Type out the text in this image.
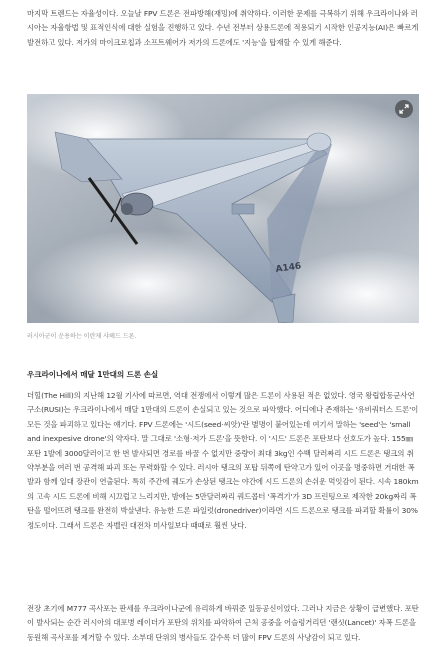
마지막 트렌드는 자율성이다. 오늘날 FPV 드론은 전파방해(재밍)에 취약하다. 이러한 문제를 극복하기 위해 우크라이나와 러시아는 자율항법 및 표적인식에 대한 실험을 진행하고 있다. 수년 전부터 상용드론에 적용되기 시작한 인공지능(AI)은 빠르게 발전하고 있다. 저가의 마이크로칩과 소프트웨어가 저가의 드론에도 '지능'을 탑재할 수 있게 해준다.

A146
러시아군이 운용하는 이란제 샤헤드 드론.
우크라이나에서 매달 1만대의 드론 손실

더힐(The Hill)의 지난해 12월 기사에 따르면, 역대 전쟁에서 이렇게 많은 드론이 사용된 적은 없었다. 영국 왕립합동군사연구소(RUSI)는 우크라이나에서 매달 1만대의 드론이 손실되고 있는 것으로 파악했다. 어디에나 존재하는 '유비쿼터스 드론'이 모든 것을 파괴하고 있다는 얘기다. FPV 드론에는 '시드(seed·씨앗)'란 별명이 붙어있는데 여기서 말하는 'seed'는 'small and inexpesive drone'의 약자다. 말 그대로 '소형·저가 드론'을 뜻한다. 이 '시드' 드론은 포탄보다 선호도가 높다. 155㎜ 포탄 1발에 3000달러이고 한 번 발사되면 경로를 바꿀 수 없지만 중량이 최대 3kg인 수백 달러짜리 시드 드론은 탱크의 취약부분을 여러 번 공격해 파괴 또는 무력화할 수 있다. 러시아 탱크의 포탑 뒤쪽에 탄약고가 있어 이곳을 명중하면 거대한 폭발과 함께 일대 장관이 연출된다. 특히 주간에 궤도가 손상된 탱크는 야간에 시드 드론의 손쉬운 먹잇감이 된다. 시속 180km의 고속 시드 드론에 비해 시끄럽고 느리지만, 밤에는 5만달러짜리 쿼드콥터 '폭격기'가 3D 프린팅으로 제작한 20kg짜리 폭탄을 떨어뜨려 탱크를 완전히 박살낸다. 유능한 드론 파일럿(dronedriver)이라면 시드 드론으로 탱크를 파괴할 확률이 30% 정도이다. 그래서 드론은 자벨린 대전차 미사일보다 때때로 훨씬 낫다.

전장 초기에 M777 곡사포는 판세를 우크라이나군에 유리하게 바꿔준 일등공신이었다. 그러나 지금은 상황이 급변했다. 포탄이 발사되는 순간 러시아의 대포병 레이더가 포탄의 위치를 파악하여 근처 공중을 어슬렁거리던 '랜싯(Lancet)' 자폭 드론을 동원해 곡사포를 제거할 수 있다. 소부대 단위의 병사들도 갈수록 더 많이 FPV 드론의 사냥감이 되고 있다.
